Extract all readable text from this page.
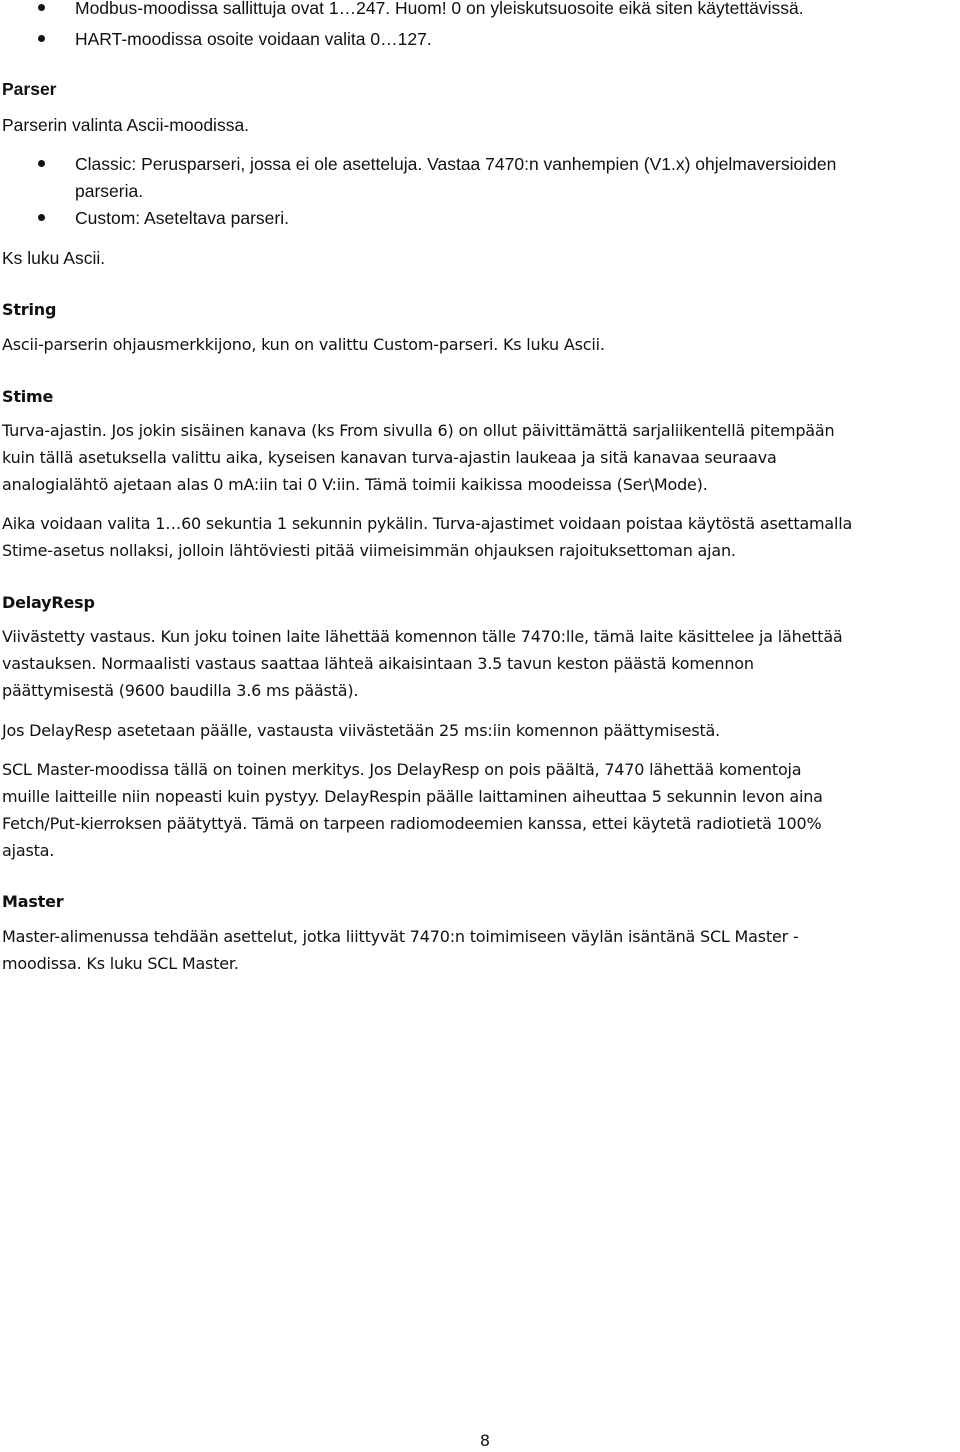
Modbus-moodissa sallittuja ovat 1…247. Huom! 0 on yleiskutsuosoite eikä siten käytettävissä.
HART-moodissa osoite voidaan valita 0…127.
Parser
Parserin valinta Ascii-moodissa.
Classic: Perusparseri, jossa ei ole asetteluja. Vastaa 7470:n vanhempien (V1.x) ohjelmaversioiden
parseria.
Custom: Aseteltava parseri.
Ks luku Ascii.
String
Ascii-parserin ohjausmerkkijono, kun on valittu Custom-parseri. Ks luku Ascii.
Stime
Turva-ajastin. Jos jokin sisäinen kanava (ks From sivulla 6) on ollut päivittämättä sarjaliikentellä pitempään
kuin tällä asetuksella valittu aika, kyseisen kanavan turva-ajastin laukeaa ja sitä kanavaa seuraava
analogialähtö ajetaan alas 0 mA:iin tai 0 V:iin. Tämä toimii kaikissa moodeissa (Ser\Mode).
Aika voidaan valita 1…60 sekuntia 1 sekunnin pykälin. Turva-ajastimet voidaan poistaa käytöstä asettamalla
Stime-asetus nollaksi, jolloin lähtöviesti pitää viimeisimmän ohjauksen rajoituksettoman ajan.
DelayResp
Viivästetty vastaus. Kun joku toinen laite lähettää komennon tälle 7470:lle, tämä laite käsittelee ja lähettää
vastauksen. Normaalisti vastaus saattaa lähteä aikaisintaan 3.5 tavun keston päästä komennon
päättymisestä (9600 baudilla 3.6 ms päästä).
Jos DelayResp asetetaan päälle, vastausta viivästetään 25 ms:iin komennon päättymisestä.
SCL Master-moodissa tällä on toinen merkitys. Jos DelayResp on pois päältä, 7470 lähettää komentoja
muille laitteille niin nopeasti kuin pystyy. DelayRespin päälle laittaminen aiheuttaa 5 sekunnin levon aina
Fetch/Put-kierroksen päätyttyä. Tämä on tarpeen radiomodeemien kanssa, ettei käytetä radiotietä 100%
ajasta.
Master
Master-alimenussa tehdään asettelut, jotka liittyvät 7470:n toimimiseen väylän isäntänä SCL Master -
moodissa. Ks luku SCL Master.
8
